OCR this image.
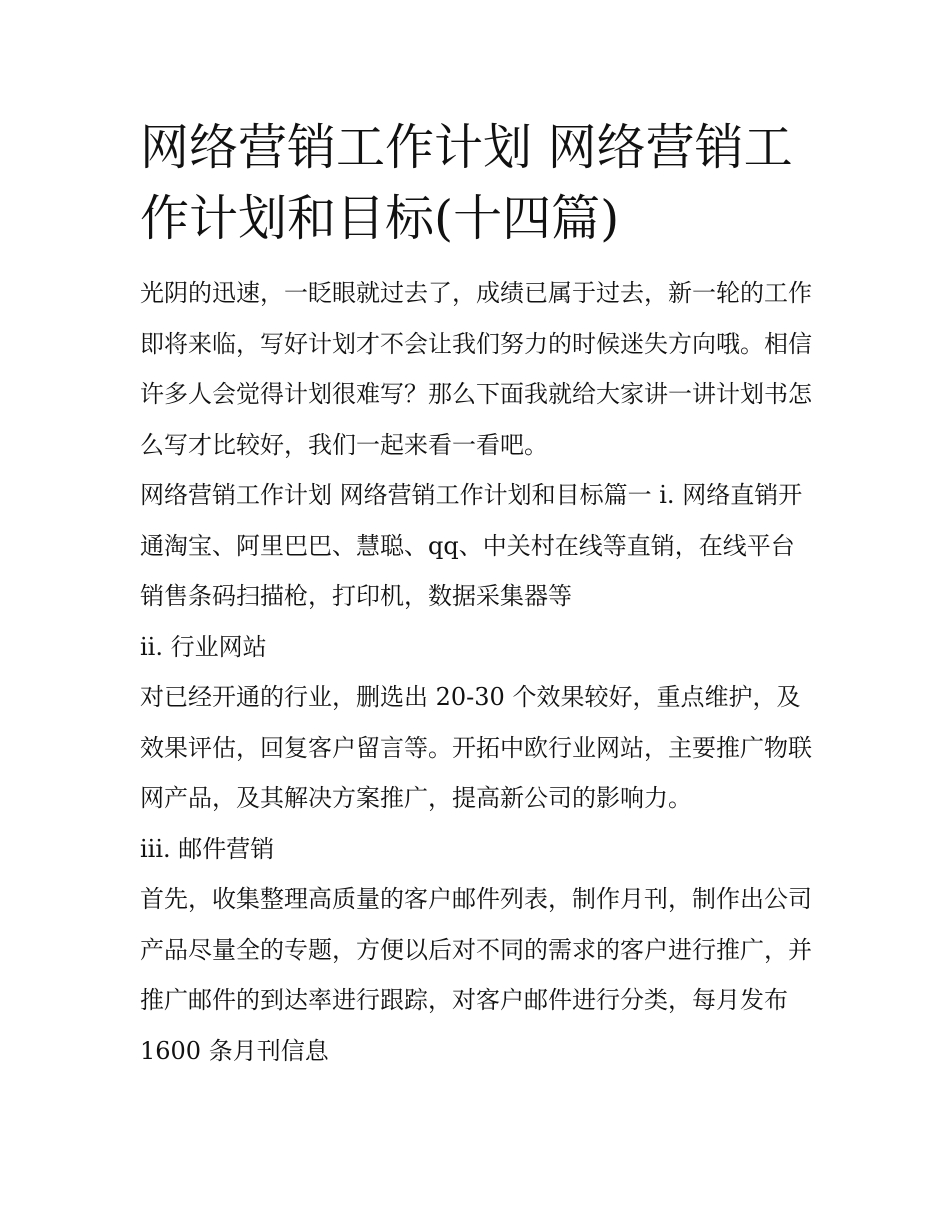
网络营销工作计划 网络营销工作计划和目标(十四篇)

光阴的迅速，一眨眼就过去了，成绩已属于过去，新一轮的工作即将来临，写好计划才不会让我们努力的时候迷失方向哦。相信许多人会觉得计划很难写？那么下面我就给大家讲一讲计划书怎么写才比较好，我们一起来看一看吧。

网络营销工作计划 网络营销工作计划和目标篇一 i. 网络直销开通淘宝、阿里巴巴、慧聪、qq、中关村在线等直销，在线平台销售条码扫描枪，打印机，数据采集器等

ii. 行业网站

对已经开通的行业，删选出 20-30 个效果较好，重点维护，及效果评估，回复客户留言等。开拓中欧行业网站，主要推广物联网产品，及其解决方案推广，提高新公司的影响力。

iii. 邮件营销

首先，收集整理高质量的客户邮件列表，制作月刊，制作出公司产品尽量全的专题，方便以后对不同的需求的客户进行推广，并推广邮件的到达率进行跟踪，对客户邮件进行分类，每月发布 1600 条月刊信息
